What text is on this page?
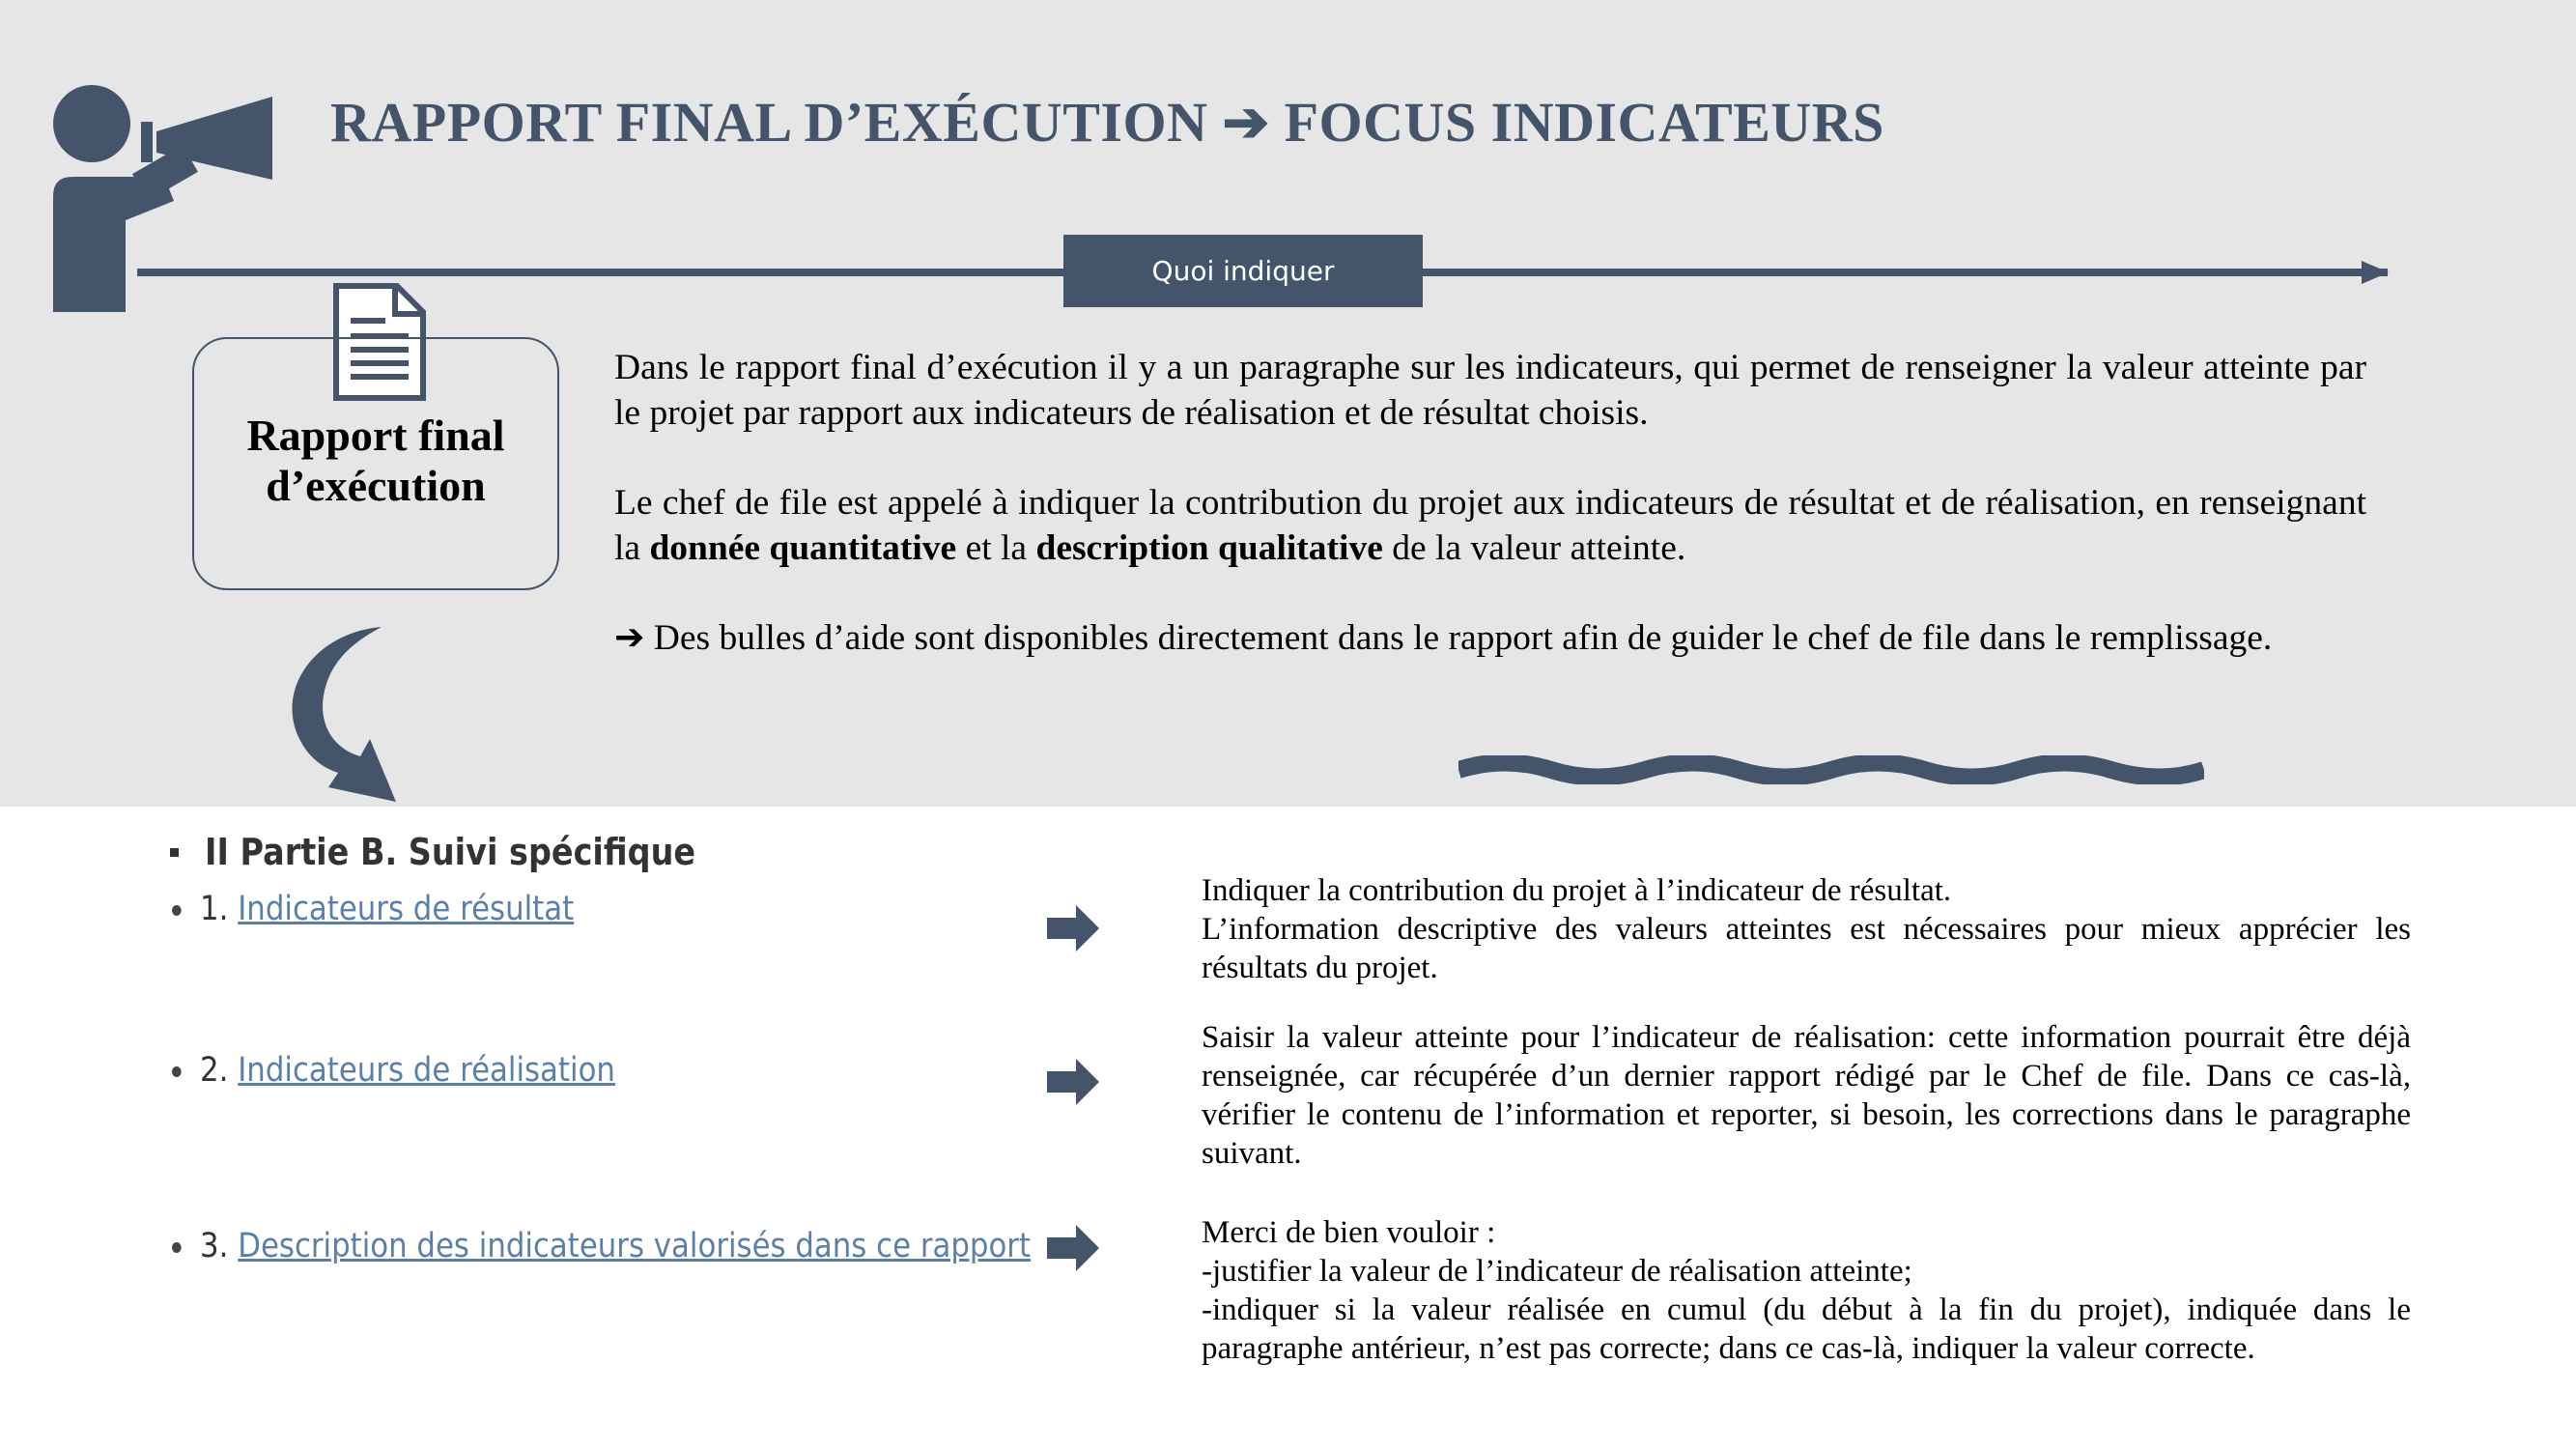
RAPPORT FINAL D’EXÉCUTION ➔ FOCUS INDICATEURS
Quoi indiquer
Rapport final
d’exécution

Dans le rapport final d’exécution il y a un paragraphe sur les indicateurs, qui permet de renseigner la valeur atteinte par le projet par rapport aux indicateurs de réalisation et de résultat choisis.

Le chef de file est appelé à indiquer la contribution du projet aux indicateurs de résultat et de réalisation, en renseignant la donnée quantitative et la description qualitative de la valeur atteinte.

➔ Des bulles d’aide sont disponibles directement dans le rapport afin de guider le chef de file dans le remplissage.

II Partie B. Suivi spécifique
1. Indicateurs de résultat
2. Indicateurs de réalisation
3. Description des indicateurs valorisés dans ce rapport
Indiquer la contribution du projet à l’indicateur de résultat.
L’information descriptive des valeurs atteintes est nécessaires pour mieux apprécier les résultats du projet.
Saisir la valeur atteinte pour l’indicateur de réalisation: cette information pourrait être déjà renseignée, car récupérée d’un dernier rapport rédigé par le Chef de file. Dans ce cas-là, vérifier le contenu de l’information et reporter, si besoin, les corrections dans le paragraphe suivant.
Merci de bien vouloir :
-justifier la valeur de l’indicateur de réalisation atteinte;
-indiquer si la valeur réalisée en cumul (du début à la fin du projet), indiquée dans le paragraphe antérieur, n’est pas correcte; dans ce cas-là, indiquer la valeur correcte.
